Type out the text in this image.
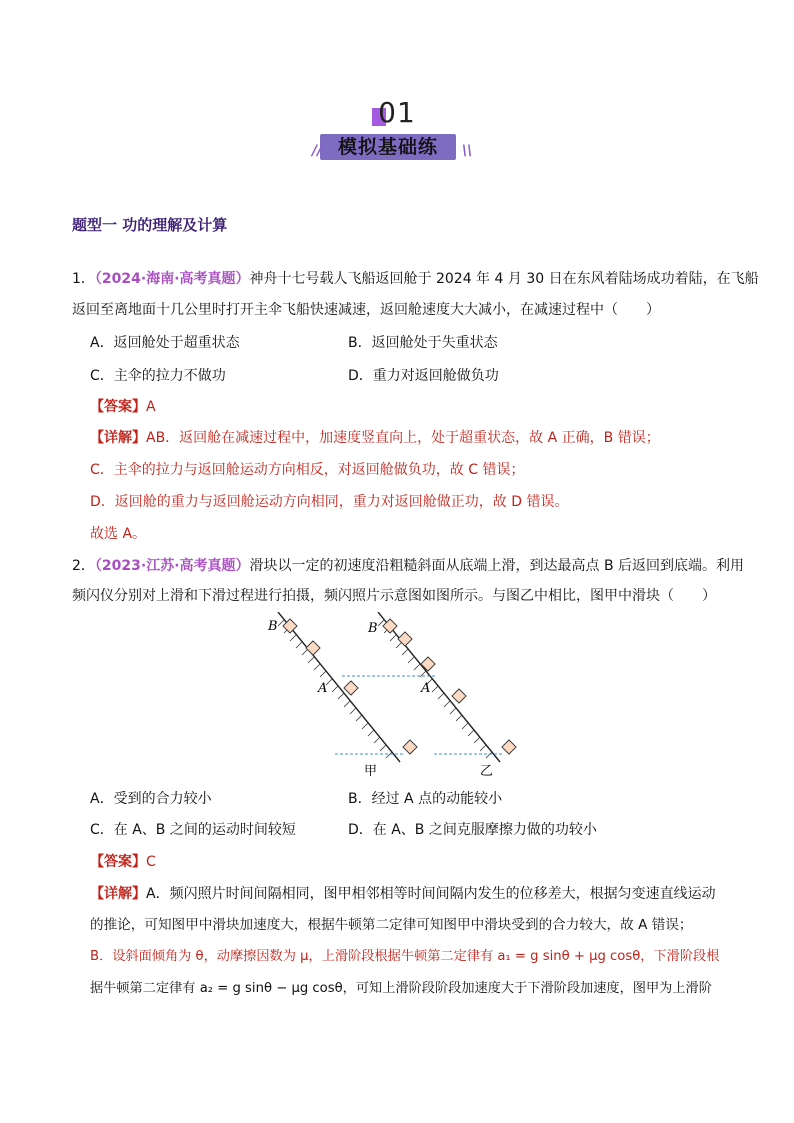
01
模拟基础练
//	\\
题型一 功的理解及计算
1．（2024·海南·高考真题）神舟十七号载人飞船返回舱于 2024 年 4 月 30 日在东风着陆场成功着陆，在飞船
返回至离地面十几公里时打开主伞飞船快速减速，返回舱速度大大减小，在减速过程中（　　）
A．返回舱处于超重状态	B．返回舱处于失重状态
C．主伞的拉力不做功	D．重力对返回舱做负功
【答案】A
【详解】AB．返回舱在减速过程中，加速度竖直向上，处于超重状态，故 A 正确，B 错误；
C．主伞的拉力与返回舱运动方向相反，对返回舱做负功，故 C 错误；
D．返回舱的重力与返回舱运动方向相同，重力对返回舱做正功，故 D 错误。
故选 A。
2．（2023·江苏·高考真题）滑块以一定的初速度沿粗糙斜面从底端上滑，到达最高点 B 后返回到底端。利用
频闪仪分别对上滑和下滑过程进行拍摄，频闪照片示意图如图所示。与图乙中相比，图甲中滑块（　　）
B
A
B
A
甲	乙
A．受到的合力较小	B．经过 A 点的动能较小
C．在 A、B 之间的运动时间较短	D．在 A、B 之间克服摩擦力做的功较小
【答案】C
【详解】A．频闪照片时间间隔相同，图甲相邻相等时间间隔内发生的位移差大，根据匀变速直线运动
的推论，可知图甲中滑块加速度大，根据牛顿第二定律可知图甲中滑块受到的合力较大，故 A 错误；
B．设斜面倾角为 θ，动摩擦因数为 μ，上滑阶段根据牛顿第二定律有 a₁ = g sinθ + μg cosθ，下滑阶段根
据牛顿第二定律有 a₂ = g sinθ − μg cosθ，可知上滑阶段阶段加速度大于下滑阶段加速度，图甲为上滑阶
